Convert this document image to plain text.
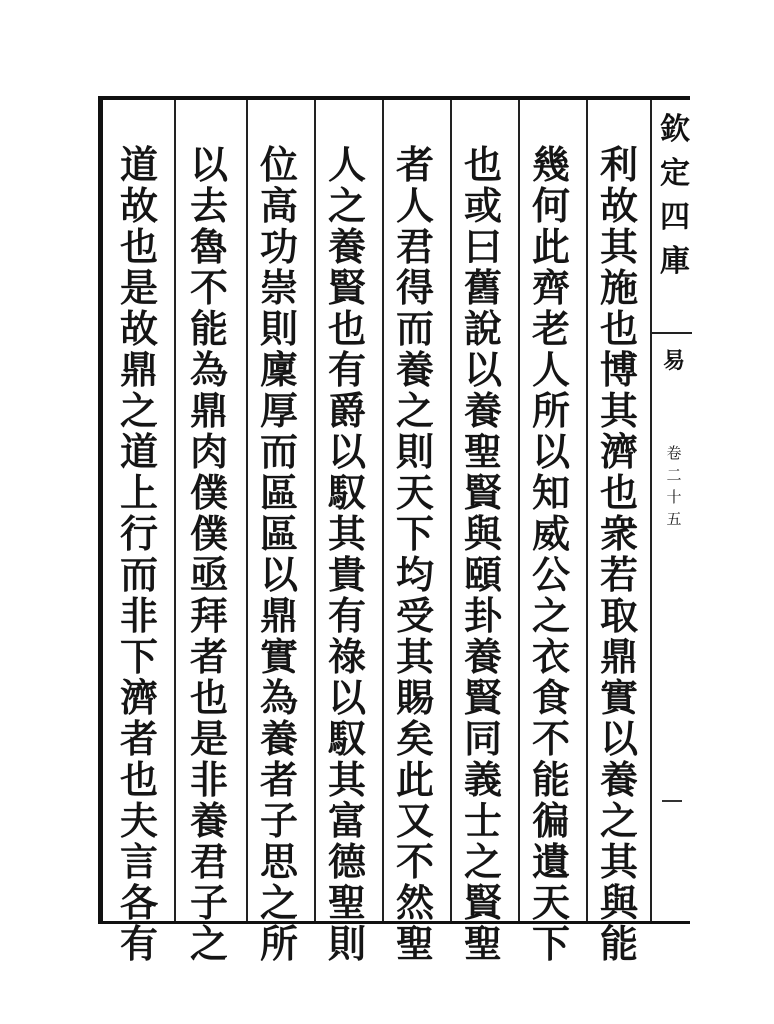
利
故
其
施
也
博
其
濟
也
衆
若
取
鼎
實
以
養
之
其
與
能
幾
何
此
齊
老
人
所
以
知
威
公
之
衣
食
不
能
徧
遺
天
下
也
或
曰
舊
說
以
養
聖
賢
與
頤
卦
養
賢
同
義
士
之
賢
聖
者
人
君
得
而
養
之
則
天
下
均
受
其
賜
矣
此
又
不
然
聖
人
之
養
賢
也
有
爵
以
馭
其
貴
有
祿
以
馭
其
富
德
聖
則
位
高
功
崇
則
廩
厚
而
區
區
以
鼎
實
為
養
者
子
思
之
所
以
去
魯
不
能
為
鼎
肉
僕
僕
亟
拜
者
也
是
非
養
君
子
之
道
故
也
是
故
鼎
之
道
上
行
而
非
下
濟
者
也
夫
言
各
有
欽
定
四
庫
易
卷
二
十
五
